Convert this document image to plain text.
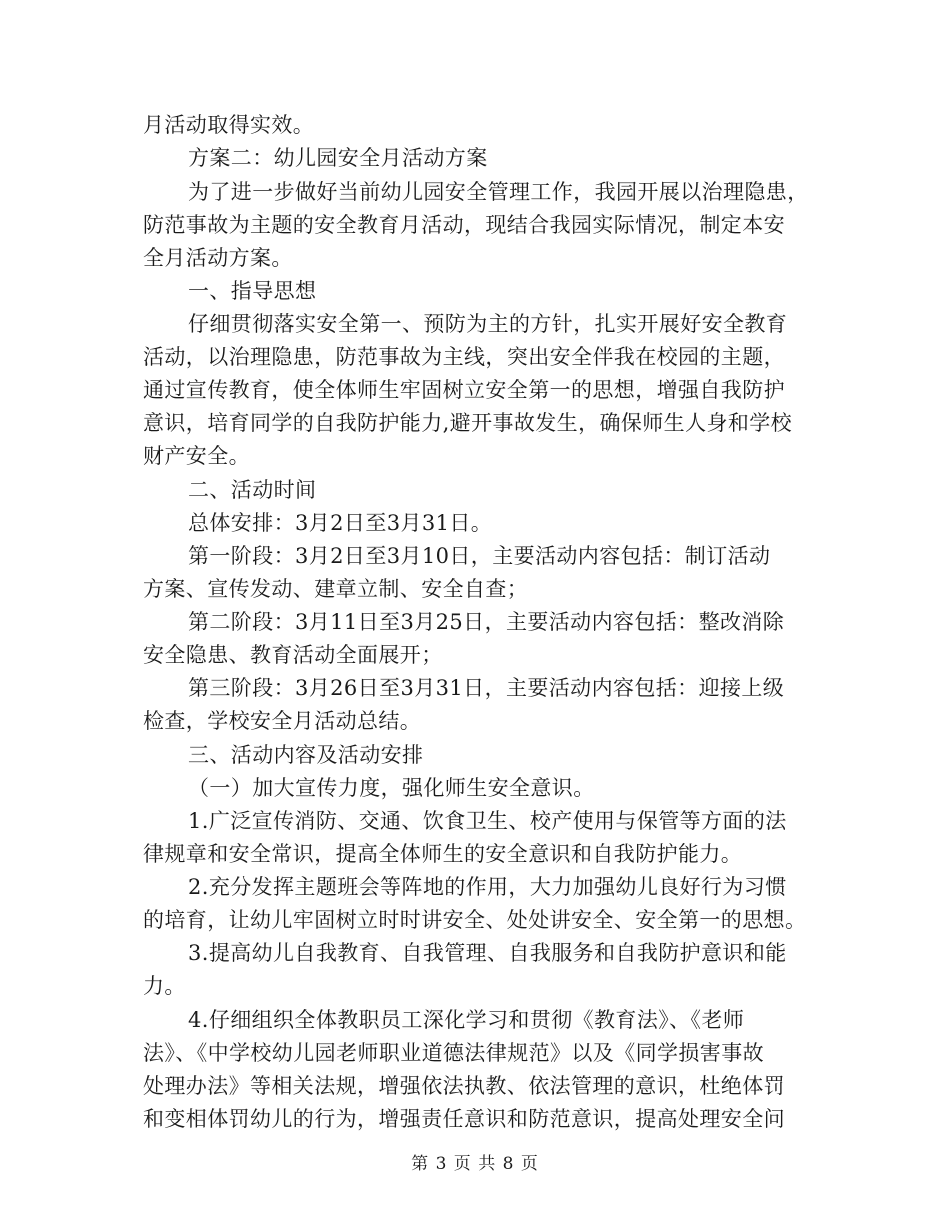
月活动取得实效。
方案二：幼儿园安全月活动方案
为了进一步做好当前幼儿园安全管理工作，我园开展以治理隐患，
防范事故为主题的安全教育月活动，现结合我园实际情况，制定本安
全月活动方案。
一、指导思想
仔细贯彻落实安全第一、预防为主的方针，扎实开展好安全教育
活动，以治理隐患，防范事故为主线，突出安全伴我在校园的主题，
通过宣传教育，使全体师生牢固树立安全第一的思想，增强自我防护
意识，培育同学的自我防护能力,避开事故发生，确保师生人身和学校
财产安全。
二、活动时间
总体安排：3月2日至3月31日。
第一阶段：3月2日至3月10日，主要活动内容包括：制订活动
方案、宣传发动、建章立制、安全自查；
第二阶段：3月11日至3月25日，主要活动内容包括：整改消除
安全隐患、教育活动全面展开；
第三阶段：3月26日至3月31日，主要活动内容包括：迎接上级
检查，学校安全月活动总结。
三、活动内容及活动安排
（一）加大宣传力度，强化师生安全意识。
1.广泛宣传消防、交通、饮食卫生、校产使用与保管等方面的法
律规章和安全常识，提高全体师生的安全意识和自我防护能力。
2.充分发挥主题班会等阵地的作用，大力加强幼儿良好行为习惯
的培育，让幼儿牢固树立时时讲安全、处处讲安全、安全第一的思想。
3.提高幼儿自我教育、自我管理、自我服务和自我防护意识和能
力。
4.仔细组织全体教职员工深化学习和贯彻《教育法》、《老师
法》、《中学校幼儿园老师职业道德法律规范》以及《同学损害事故
处理办法》等相关法规，增强依法执教、依法管理的意识，杜绝体罚
和变相体罚幼儿的行为，增强责任意识和防范意识，提高处理安全问
第 3 页 共 8 页
